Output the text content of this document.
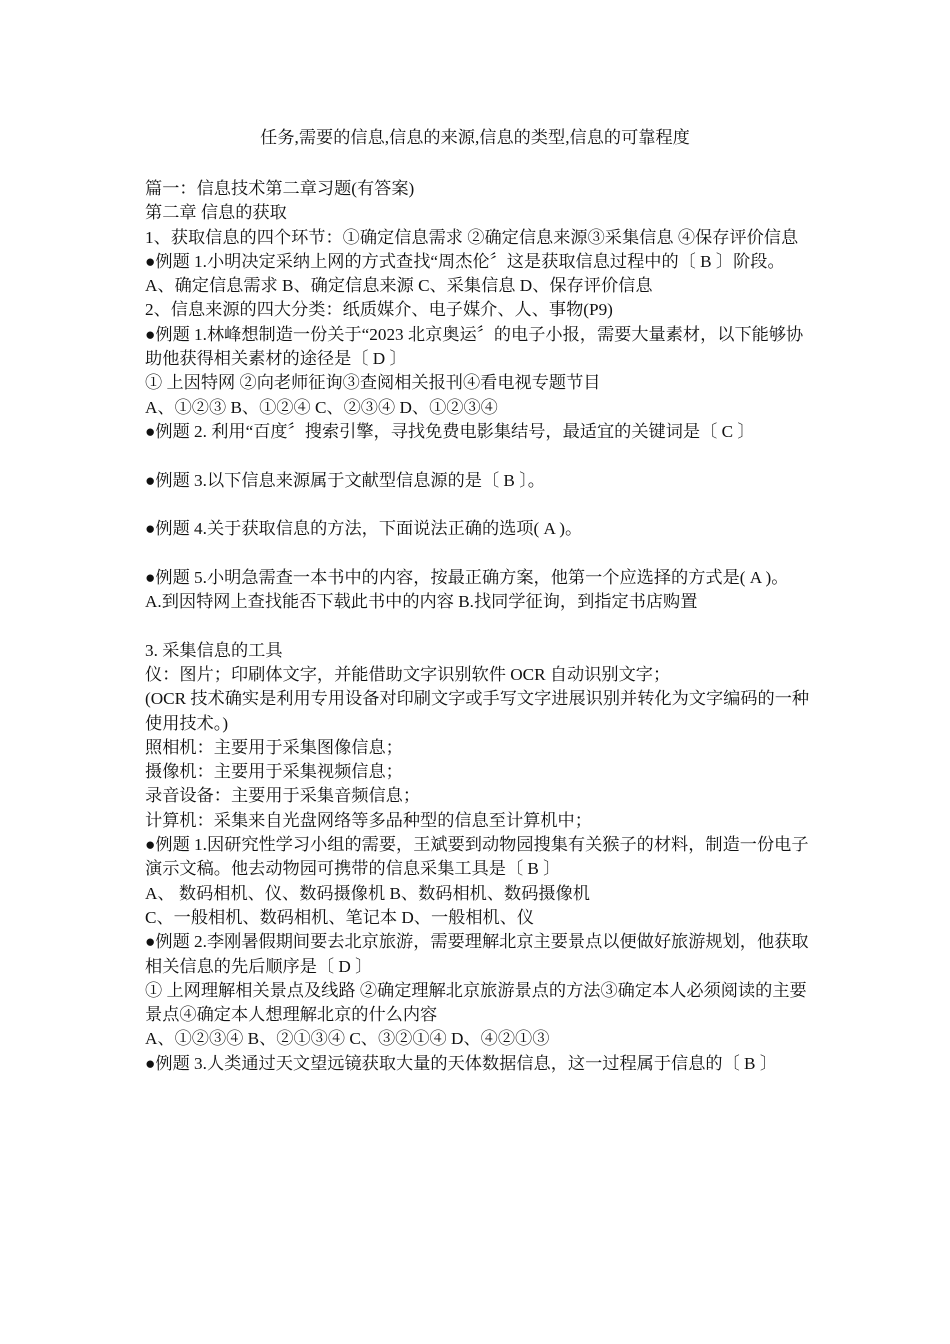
任务,需要的信息,信息的来源,信息的类型,信息的可靠程度

篇一：信息技术第二章习题(有答案)

第二章 信息的获取

1、获取信息的四个环节：①确定信息需求 ②确定信息来源③采集信息 ④保存评价信息 ●例题 1.小明决定采纳上网的方式查找“周杰伦〞这是获取信息过程中的〔 B 〕阶段。

A、确定信息需求 B、确定信息来源 C、采集信息 D、保存评价信息

2、信息来源的四大分类：纸质媒介、电子媒介、人、事物(P9)

●例题 1.林峰想制造一份关于“2023 北京奥运〞的电子小报，需要大量素材，以下能够协助他获得相关素材的途径是〔 D 〕

① 上因特网 ②向老师征询③查阅相关报刊④看电视专题节目

A、①②③ B、①②④ C、②③④ D、①②③④

●例题 2. 利用“百度〞搜索引擎，寻找免费电影集结号，最适宜的关键词是〔 C 〕

●例题 3.以下信息来源属于文献型信息源的是〔 B 〕。

●例题 4.关于获取信息的方法，下面说法正确的选项( A )。

●例题 5.小明急需查一本书中的内容，按最正确方案，他第一个应选择的方式是( A )。

A.到因特网上查找能否下载此书中的内容 B.找同学征询，到指定书店购置

3. 采集信息的工具

仪：图片；印刷体文字，并能借助文字识别软件 OCR 自动识别文字；

(OCR 技术确实是利用专用设备对印刷文字或手写文字进展识别并转化为文字编码的一种使用技术。)

照相机：主要用于采集图像信息；

摄像机：主要用于采集视频信息；

录音设备：主要用于采集音频信息；

计算机：采集来自光盘网络等多品种型的信息至计算机中；

●例题 1.因研究性学习小组的需要，王斌要到动物园搜集有关猴子的材料，制造一份电子演示文稿。他去动物园可携带的信息采集工具是〔 B 〕

A、 数码相机、仪、数码摄像机 B、数码相机、数码摄像机

C、一般相机、数码相机、笔记本 D、一般相机、仪

●例题 2.李刚暑假期间要去北京旅游，需要理解北京主要景点以便做好旅游规划，他获取相关信息的先后顺序是〔 D 〕

① 上网理解相关景点及线路 ②确定理解北京旅游景点的方法③确定本人必须阅读的主要景点④确定本人想理解北京的什么内容

A、①②③④ B、②①③④ C、③②①④ D、④②①③

●例题 3.人类通过天文望远镜获取大量的天体数据信息，这一过程属于信息的〔 B 〕
